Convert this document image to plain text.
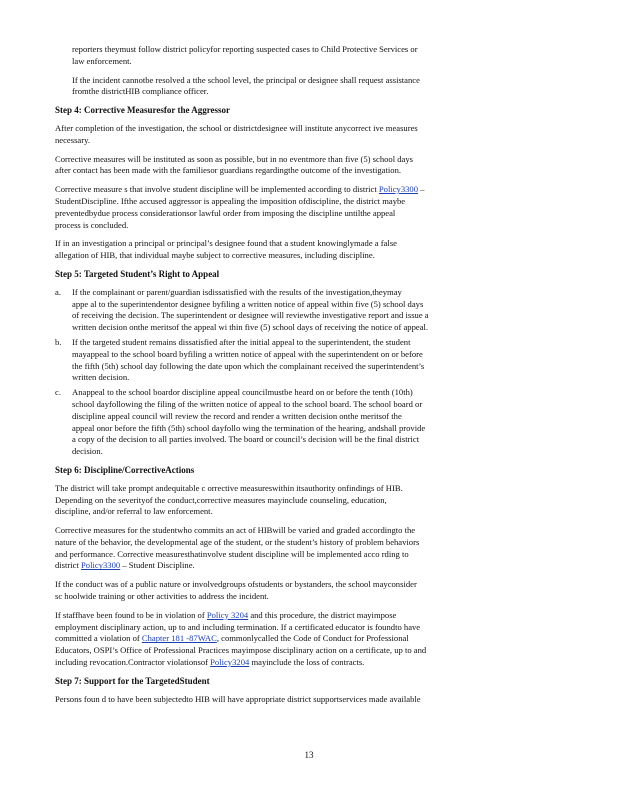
reporters theymust follow district policyfor reporting suspected cases to Child Protective Services or
law enforcement.
If the incident cannotbe resolved a tthe school level, the principal or designee shall request assistance
fromthe districtHIB compliance officer.
Step 4: Corrective Measuresfor the Aggressor
After completion of the investigation, the school or districtdesignee will institute anycorrect ive measures
necessary.
Corrective measures will be instituted as soon as possible, but in no eventmore than five (5) school days
after contact has been made with the familiesor guardians regardingthe outcome of the investigation.
Corrective measure s that involve student discipline will be implemented according to district Policy3300 –
StudentDiscipline. Ifthe accused aggressor is appealing the imposition ofdiscipline, the district maybe
preventedbydue process considerationsor lawful order from imposing the discipline untilthe appeal
process is concluded.
If in an investigation a principal or principal’s designee found that a student knowinglymade a false
allegation of HIB, that individual maybe subject to corrective measures, including discipline.
Step 5: Targeted Student’s Right to Appeal
a.	If the complainant or parent/guardian isdissatisfied with the results of the investigation,theymay
appe al to the superintendentor designee byfiling a written notice of appeal within five (5) school days
of receiving the decision. The superintendent or designee will reviewthe investigative report and issue a
written decision onthe meritsof the appeal wi thin five (5) school days of receiving the notice of appeal.
b.	If the targeted student remains dissatisfied after the initial appeal to the superintendent, the student
mayappeal to the school board byfiling a written notice of appeal with the superintendent on or before
the fifth (5th) school day following the date upon which the complainant received the superintendent’s
written decision.
c.	Anappeal to the school boardor discipline appeal councilmustbe heard on or before the tenth (10th)
school dayfollowing the filing of the written notice of appeal to the school board. The school board or
discipline appeal council will review the record and render a written decision onthe meritsof the
appeal onor before the fifth (5th) school dayfollo wing the termination of the hearing, andshall provide
a copy of the decision to all parties involved. The board or council’s decision will be the final district
decision.
Step 6: Discipline/CorrectiveActions
The district will take prompt andequitable c orrective measureswithin itsauthority onfindings of HIB.
Depending on the severityof the conduct,corrective measures mayinclude counseling, education,
discipline, and/or referral to law enforcement.
Corrective measures for the studentwho commits an act of HIBwill be varied and graded accordingto the
nature of the behavior, the developmental age of the student, or the student’s history of problem behaviors
and performance. Corrective measuresthatinvolve student discipline will be implemented acco rding to
district Policy3300 – Student Discipline.
If the conduct was of a public nature or involvedgroups ofstudents or bystanders, the school mayconsider
sc hoolwide training or other activities to address the incident.
If staffhave been found to be in violation of Policy 3204 and this procedure, the district mayimpose
employment disciplinary action, up to and including termination. If a certificated educator is foundto have
committed a violation of Chapter 181 -87WAC, commonlycalled the Code of Conduct for Professional
Educators, OSPI’s Office of Professional Practices mayimpose disciplinary action on a certificate, up to and
including revocation.Contractor violationsof Policy3204 mayinclude the loss of contracts.
Step 7: Support for the TargetedStudent
Persons foun d to have been subjectedto HIB will have appropriate district supportservices made available
13
